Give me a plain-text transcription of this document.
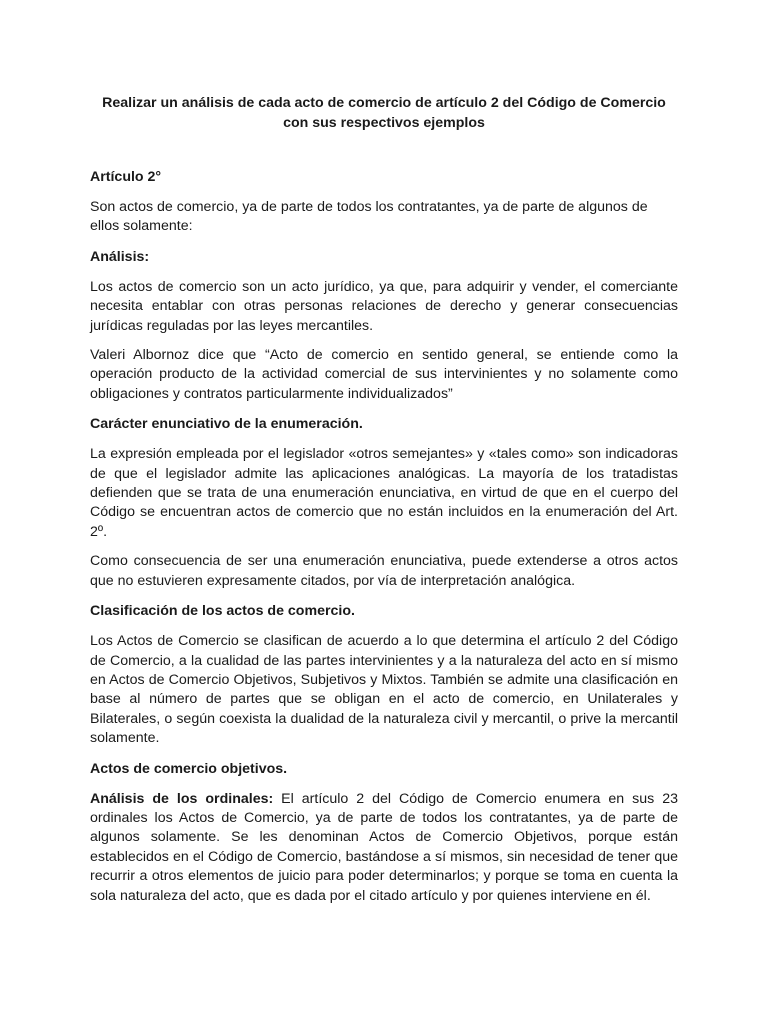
Realizar un análisis de cada acto de comercio de artículo 2 del Código de Comercio con sus respectivos ejemplos

Artículo 2°

Son actos de comercio, ya de parte de todos los contratantes, ya de parte de algunos de ellos solamente:

Análisis:

Los actos de comercio son un acto jurídico, ya que, para adquirir y vender, el comerciante necesita entablar con otras personas relaciones de derecho y generar consecuencias jurídicas reguladas por las leyes mercantiles.

Valeri Albornoz dice que “Acto de comercio en sentido general, se entiende como la operación producto de la actividad comercial de sus intervinientes y no solamente como obligaciones y contratos particularmente individualizados”

Carácter enunciativo de la enumeración.

La expresión empleada por el legislador «otros semejantes» y «tales como» son indicadoras de que el legislador admite las aplicaciones analógicas. La mayoría de los tratadistas defienden que se trata de una enumeración enunciativa, en virtud de que en el cuerpo del Código se encuentran actos de comercio que no están incluidos en la enumeración del Art. 2º.

Como consecuencia de ser una enumeración enunciativa, puede extenderse a otros actos que no estuvieren expresamente citados, por vía de interpretación analógica.

Clasificación de los actos de comercio.

Los Actos de Comercio se clasifican de acuerdo a lo que determina el artículo 2 del Código de Comercio, a la cualidad de las partes intervinientes y a la naturaleza del acto en sí mismo en Actos de Comercio Objetivos, Subjetivos y Mixtos. También se admite una clasificación en base al número de partes que se obligan en el acto de comercio, en Unilaterales y Bilaterales, o según coexista la dualidad de la naturaleza civil y mercantil, o prive la mercantil solamente.

Actos de comercio objetivos.

Análisis de los ordinales: El artículo 2 del Código de Comercio enumera en sus 23 ordinales los Actos de Comercio, ya de parte de todos los contratantes, ya de parte de algunos solamente. Se les denominan Actos de Comercio Objetivos, porque están establecidos en el Código de Comercio, bastándose a sí mismos, sin necesidad de tener que recurrir a otros elementos de juicio para poder determinarlos; y porque se toma en cuenta la sola naturaleza del acto, que es dada por el citado artículo y por quienes interviene en él.
